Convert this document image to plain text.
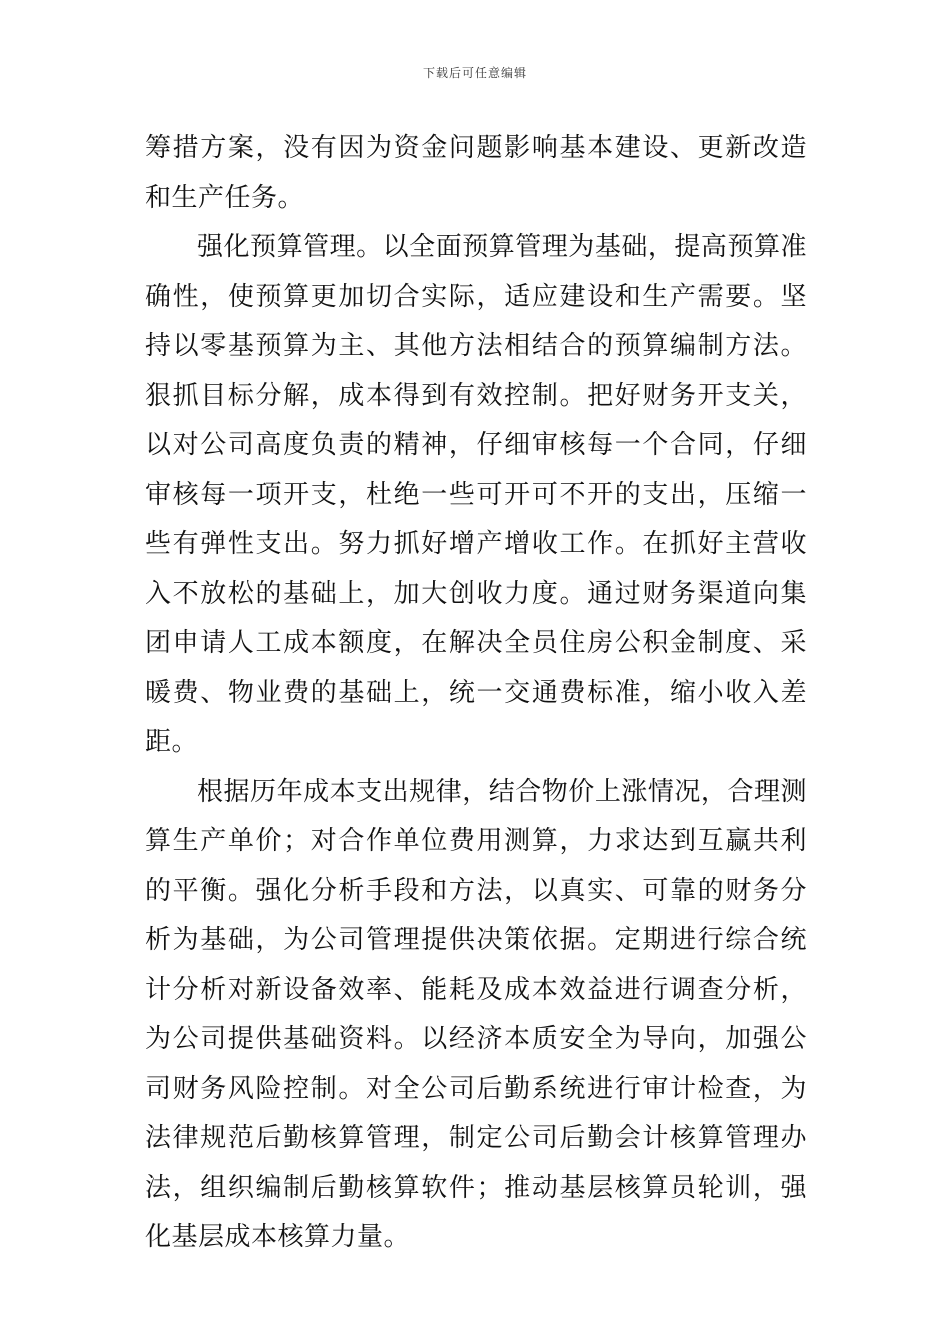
下载后可任意编辑

筹措方案，没有因为资金问题影响基本建设、更新改造和生产任务。

强化预算管理。以全面预算管理为基础，提高预算准确性，使预算更加切合实际，适应建设和生产需要。坚持以零基预算为主、其他方法相结合的预算编制方法。狠抓目标分解，成本得到有效控制。把好财务开支关，以对公司高度负责的精神，仔细审核每一个合同，仔细审核每一项开支，杜绝一些可开可不开的支出，压缩一些有弹性支出。努力抓好增产增收工作。在抓好主营收入不放松的基础上，加大创收力度。通过财务渠道向集团申请人工成本额度，在解决全员住房公积金制度、采暖费、物业费的基础上，统一交通费标准，缩小收入差距。

根据历年成本支出规律，结合物价上涨情况，合理测算生产单价；对合作单位费用测算，力求达到互赢共利的平衡。强化分析手段和方法，以真实、可靠的财务分析为基础，为公司管理提供决策依据。定期进行综合统计分析对新设备效率、能耗及成本效益进行调查分析，为公司提供基础资料。以经济本质安全为导向，加强公司财务风险控制。对全公司后勤系统进行审计检查，为法律规范后勤核算管理，制定公司后勤会计核算管理办法，组织编制后勤核算软件；推动基层核算员轮训，强化基层成本核算力量。
